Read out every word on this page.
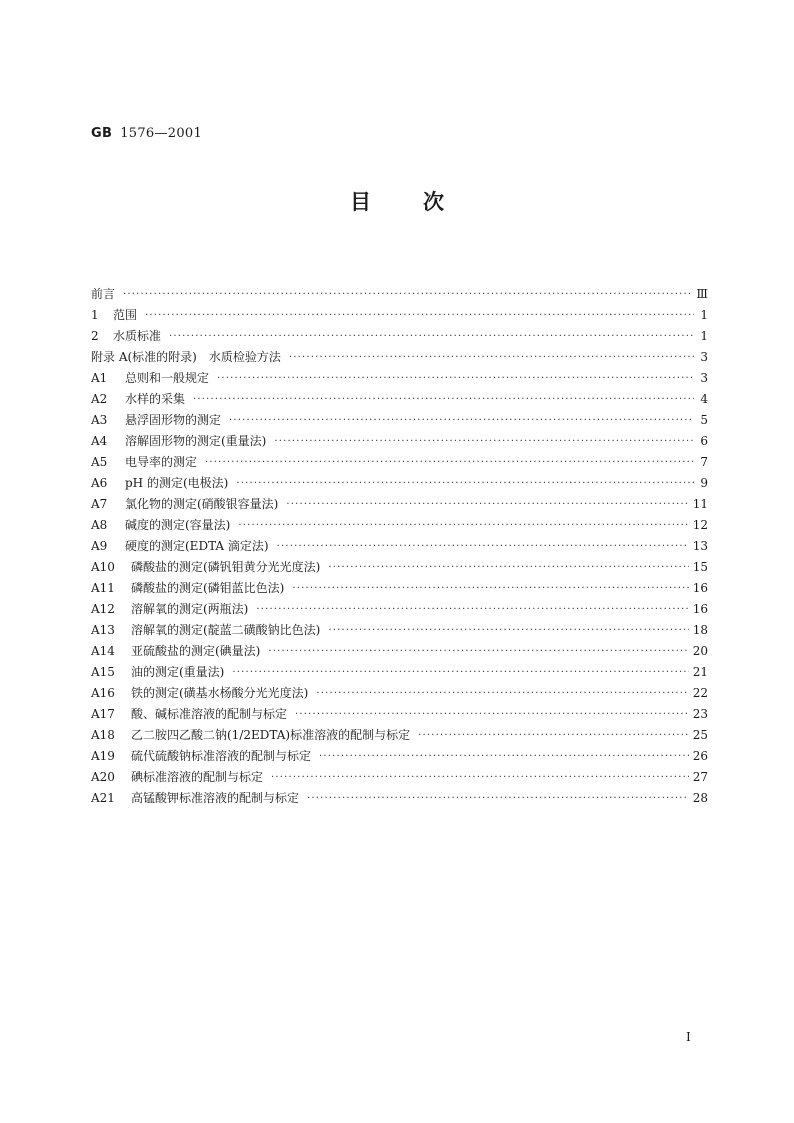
GB 1576—2001
目 次
前言 ·····	Ⅲ
1	范围 ·····	1
2	水质标准 ·····	1
附录 A(标准的附录)　水质检验方法 ·····	3
A1	总则和一般规定 ·····	3
A2	水样的采集 ·····	4
A3	悬浮固形物的测定 ·····	5
A4	溶解固形物的测定(重量法) ·····	6
A5	电导率的测定 ·····	7
A6	pH 的测定(电极法) ·····	9
A7	氯化物的测定(硝酸银容量法) ·····	11
A8	碱度的测定(容量法) ·····	12
A9	硬度的测定(EDTA 滴定法) ·····	13
A10	磷酸盐的测定(磷钒钼黄分光光度法) ·····	15
A11	磷酸盐的测定(磷钼蓝比色法) ·····	16
A12	溶解氧的测定(两瓶法) ·····	16
A13	溶解氧的测定(靛蓝二磺酸钠比色法) ·····	18
A14	亚硫酸盐的测定(碘量法) ·····	20
A15	油的测定(重量法) ·····	21
A16	铁的测定(磺基水杨酸分光光度法) ·····	22
A17	酸、碱标准溶液的配制与标定 ·····	23
A18	乙二胺四乙酸二钠(1/2EDTA)标准溶液的配制与标定 ·····	25
A19	硫代硫酸钠标准溶液的配制与标定 ·····	26
A20	碘标准溶液的配制与标定 ·····	27
A21	高锰酸钾标准溶液的配制与标定 ·····	28
I
